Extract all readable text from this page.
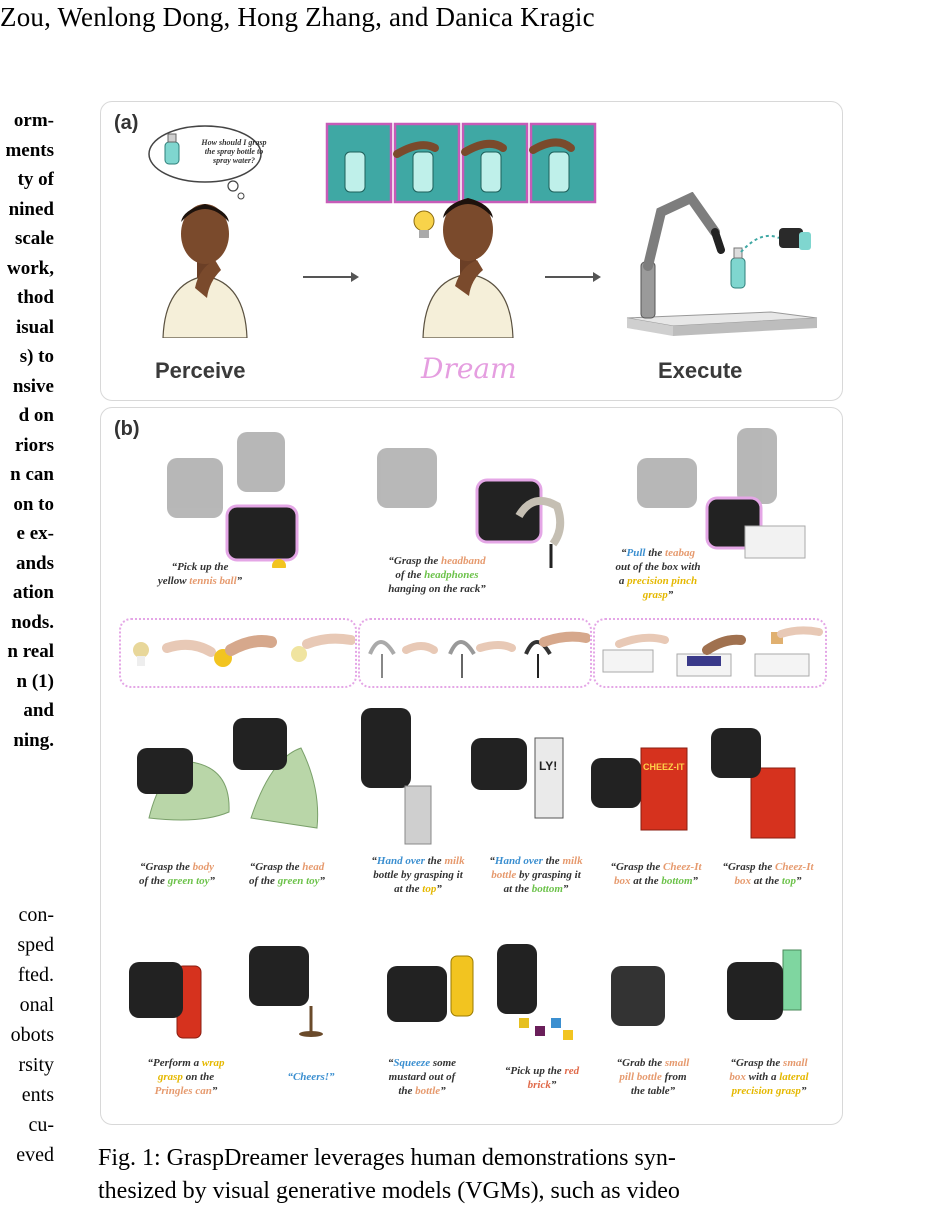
Zou, Wenlong Dong, Hong Zhang, and Danica Kragic
orm-
ments
ty of
nined
scale
work,
thod
isual
s) to
nsive
d on
riors
n can
on to
e ex-
ands
ation
nods.
n real
n (1)
and
ning.
con-
sped
fted.
onal
obots
rsity
ents
cu-
eved
(a)
How should I grasp the spray bottle to spray water?
Perceive	Dream	Execute
(b)
“Pick up the
yellow tennis ball”
“Grasp the headband
of the headphones
hanging on the rack”
“Pull the teabag
out of the box with
a precision pinch
grasp”
LY!	CHEEZ-IT
“Grasp the body
of the green toy”
“Grasp the head
of the green toy”
“Hand over the milk
bottle by grasping it
at the top”
“Hand over the milk
bottle by grasping it
at the bottom”
“Grasp the Cheez-It
box at the bottom”
“Grasp the Cheez-It
box at the top”
“Perform a wrap
grasp on the
Pringles can”
“Cheers!”
“Squeeze some
mustard out of
the bottle”
“Pick up the red
brick”
“Grab the small
pill bottle from
the table”
“Grasp the small
box with a lateral
precision grasp”
Fig. 1: GraspDreamer leverages human demonstrations syn-
thesized by visual generative models (VGMs), such as video
